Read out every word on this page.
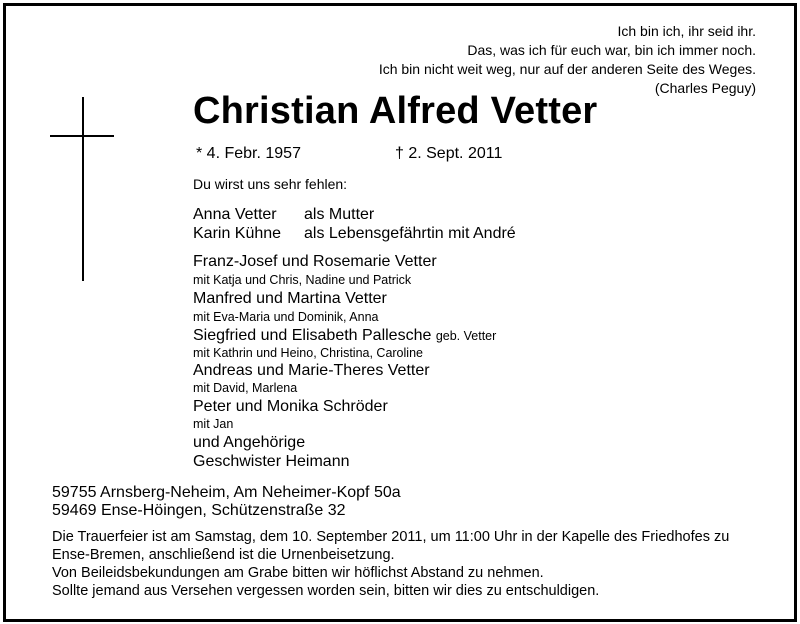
Ich bin ich, ihr seid ihr.
Das, was ich für euch war, bin ich immer noch.
Ich bin nicht weit weg, nur auf der anderen Seite des Weges.
(Charles Peguy)
Christian Alfred Vetter
* 4. Febr. 1957	† 2. Sept. 2011
Du wirst uns sehr fehlen:
Anna Vetter als Mutter
Karin Kühne als Lebensgefährtin mit André
Franz-Josef und Rosemarie Vetter
mit Katja und Chris, Nadine und Patrick
Manfred und Martina Vetter
mit Eva-Maria und Dominik, Anna
Siegfried und Elisabeth Pallesche geb. Vetter
mit Kathrin und Heino, Christina, Caroline
Andreas und Marie-Theres Vetter
mit David, Marlena
Peter und Monika Schröder
mit Jan
und Angehörige
Geschwister Heimann
59755 Arnsberg-Neheim, Am Neheimer-Kopf 50a
59469 Ense-Höingen, Schützenstraße 32
Die Trauerfeier ist am Samstag, dem 10. September 2011, um 11:00 Uhr in der Kapelle des Friedhofes zu
Ense-Bremen, anschließend ist die Urnenbeisetzung.
Von Beileidsbekundungen am Grabe bitten wir höflichst Abstand zu nehmen.
Sollte jemand aus Versehen vergessen worden sein, bitten wir dies zu entschuldigen.
